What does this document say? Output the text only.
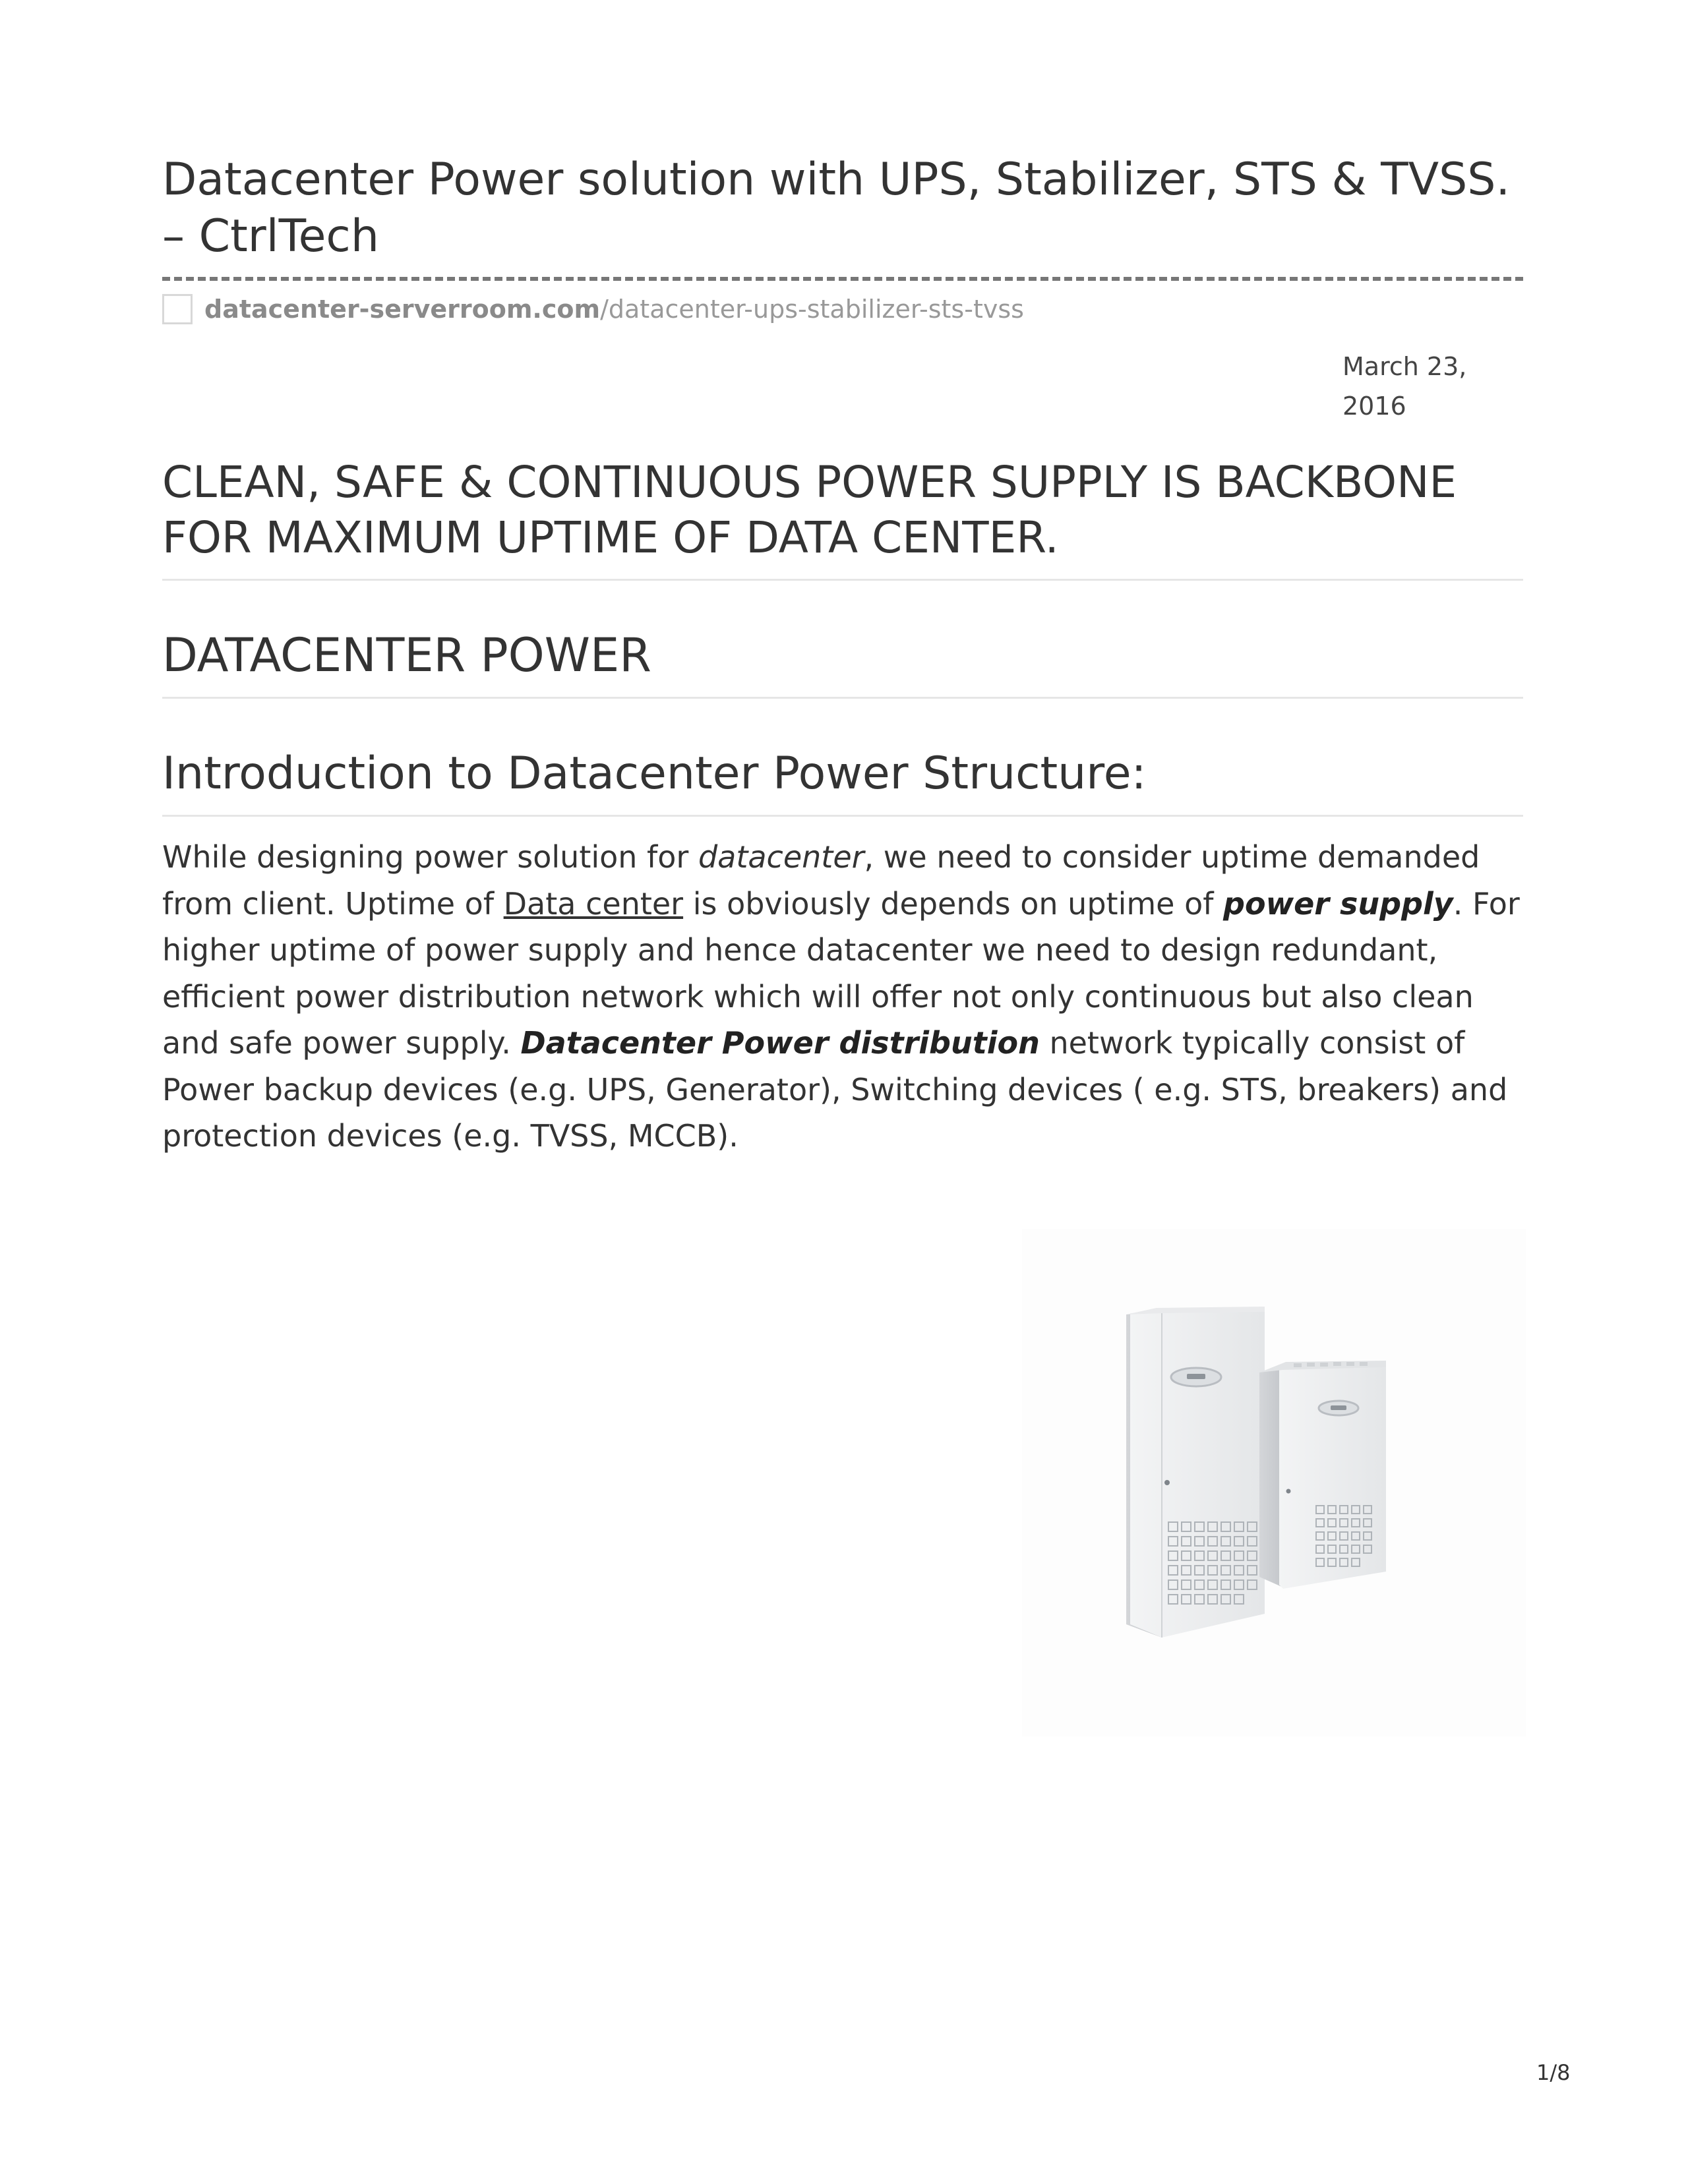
Datacenter Power solution with UPS, Stabilizer, STS & TVSS. – CtrlTech
datacenter-serverroom.com/datacenter-ups-stabilizer-sts-tvss
March 23, 2016
CLEAN, SAFE & CONTINUOUS POWER SUPPLY IS BACKBONE FOR MAXIMUM UPTIME OF DATA CENTER.
DATACENTER POWER
Introduction to Datacenter Power Structure:

While designing power solution for datacenter, we need to consider uptime demanded from client. Uptime of Data center is obviously depends on uptime of power supply. For higher uptime of power supply and hence datacenter we need to design redundant,
efficient power distribution network which will offer not only continuous but also clean and safe power supply. Datacenter Power distribution network typically consist of Power backup devices (e.g. UPS, Generator), Switching devices ( e.g. STS, breakers) and protection devices (e.g. TVSS, MCCB).

1/8
